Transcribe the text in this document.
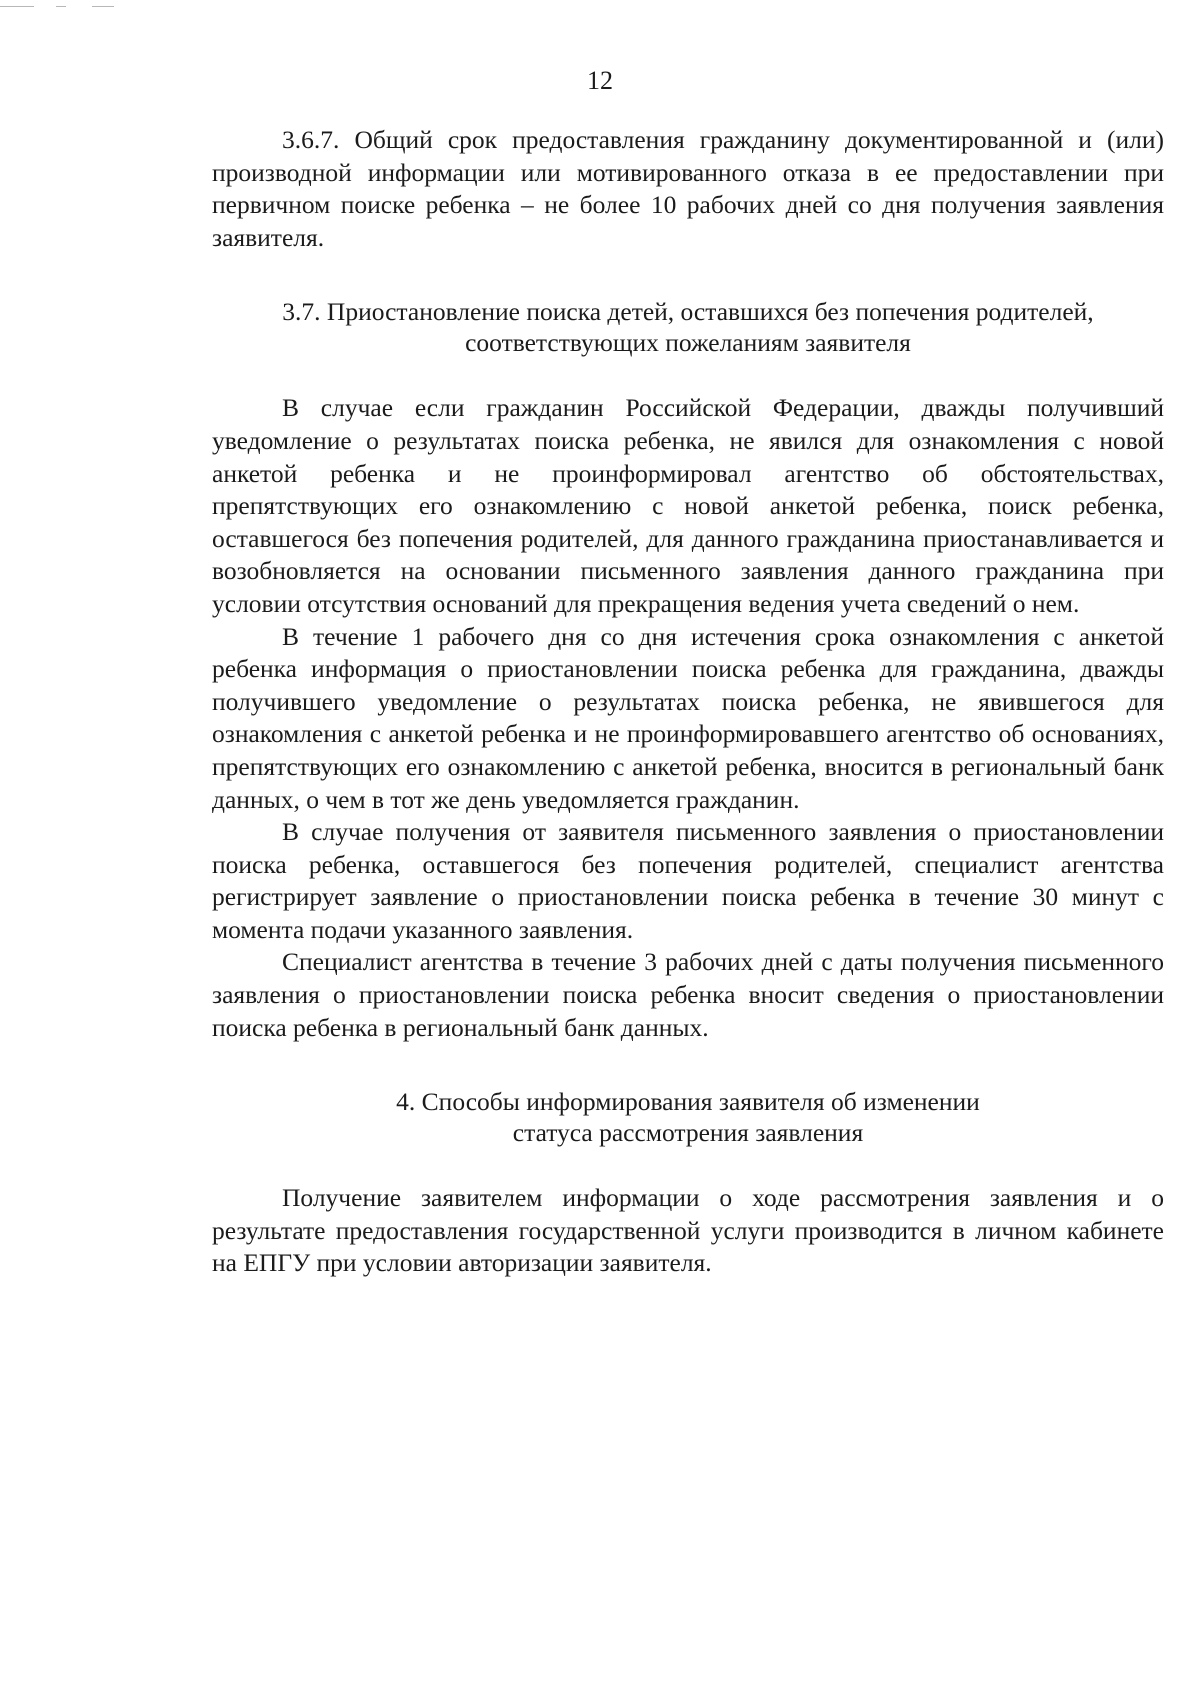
12

3.6.7. Общий срок предоставления гражданину документированной и (или) производной информации или мотивированного отказа в ее предоставлении при первичном поиске ребенка – не более 10 рабочих дней со дня получения заявления заявителя.

3.7. Приостановление поиска детей, оставшихся без попечения родителей, соответствующих пожеланиям заявителя

В случае если гражданин Российской Федерации, дважды получивший уведомление о результатах поиска ребенка, не явился для ознакомления с новой анкетой ребенка и не проинформировал агентство об обстоятельствах, препятствующих его ознакомлению с новой анкетой ребенка, поиск ребенка, оставшегося без попечения родителей, для данного гражданина приостанавливается и возобновляется на основании письменного заявления данного гражданина при условии отсутствия оснований для прекращения ведения учета сведений о нем.

В течение 1 рабочего дня со дня истечения срока ознакомления с анкетой ребенка информация о приостановлении поиска ребенка для гражданина, дважды получившего уведомление о результатах поиска ребенка, не явившегося для ознакомления с анкетой ребенка и не проинформировавшего агентство об основаниях, препятствующих его ознакомлению с анкетой ребенка, вносится в региональный банк данных, о чем в тот же день уведомляется гражданин.

В случае получения от заявителя письменного заявления о приостановлении поиска ребенка, оставшегося без попечения родителей, специалист агентства регистрирует заявление о приостановлении поиска ребенка в течение 30 минут с момента подачи указанного заявления.

Специалист агентства в течение 3 рабочих дней с даты получения письменного заявления о приостановлении поиска ребенка вносит сведения о приостановлении поиска ребенка в региональный банк данных.

4. Способы информирования заявителя об изменении статуса рассмотрения заявления

Получение заявителем информации о ходе рассмотрения заявления и о результате предоставления государственной услуги производится в личном кабинете на ЕПГУ при условии авторизации заявителя.
